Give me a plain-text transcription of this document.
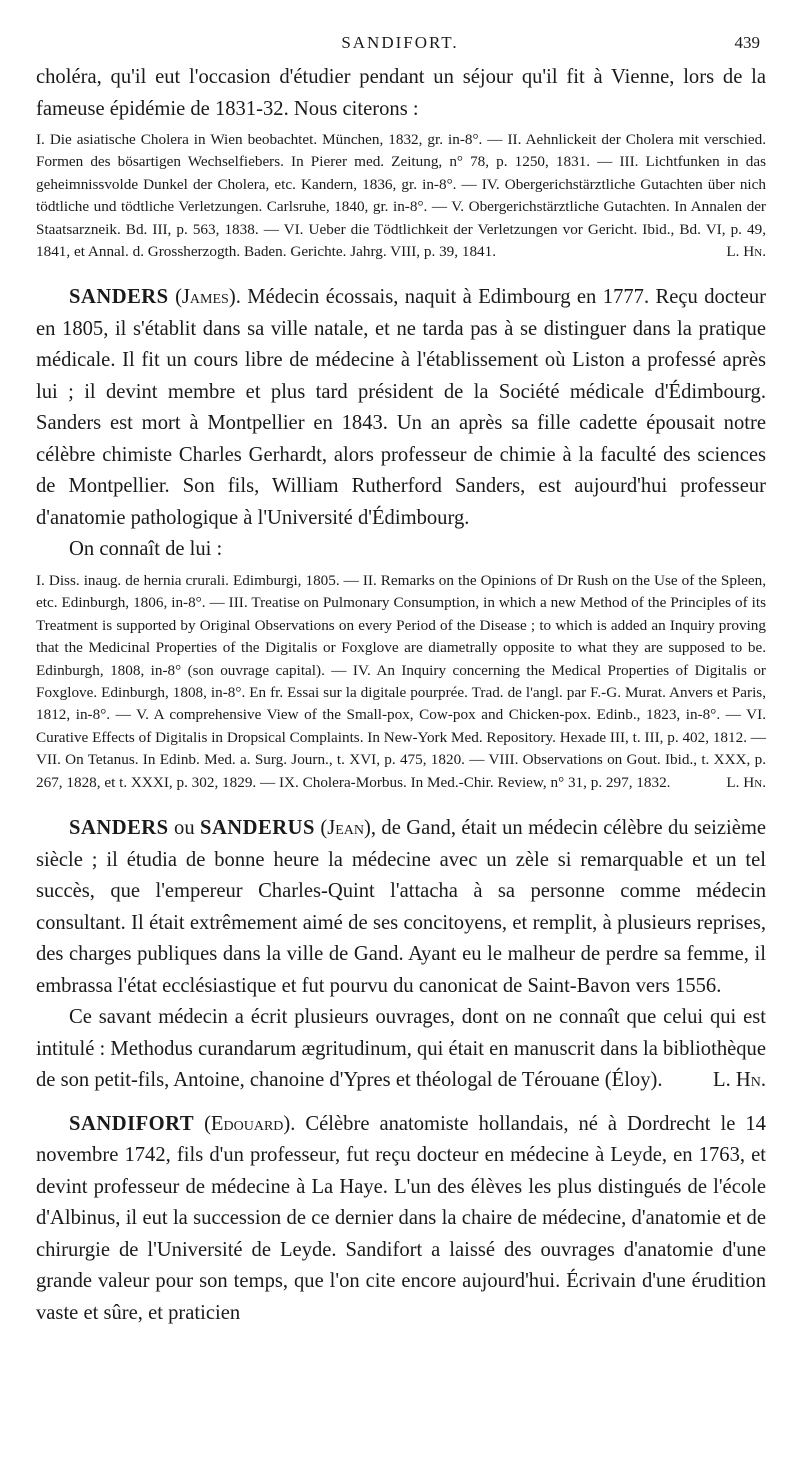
SANDIFORT.	439

choléra, qu'il eut l'occasion d'étudier pendant un séjour qu'il fit à Vienne, lors de la fameuse épidémie de 1831-32. Nous citerons :

I. Die asiatische Cholera in Wien beobachtet. München, 1832, gr. in-8°. — II. Aehnlickeit der Cholera mit verschied. Formen des bösartigen Wechselfiebers. In Pierer med. Zeitung, n° 78, p. 1250, 1831. — III. Lichtfunken in das geheimnissvolde Dunkel der Cholera, etc. Kandern, 1836, gr. in-8°. — IV. Obergerichstärztliche Gutachten über nich tödtliche und tödtliche Verletzungen. Carlsruhe, 1840, gr. in-8°. — V. Obergerichstärztliche Gutachten. In Annalen der Staatsarzneik. Bd. III, p. 563, 1838. — VI. Ueber die Tödtlichkeit der Verletzungen vor Gericht. Ibid., Bd. VI, p. 49, 1841, et Annal. d. Grossherzogth. Baden. Gerichte. Jahrg. VIII, p. 39, 1841.	L. Hn.

SANDERS (James). Médecin écossais, naquit à Edimbourg en 1777. Reçu docteur en 1805, il s'établit dans sa ville natale, et ne tarda pas à se distinguer dans la pratique médicale. Il fit un cours libre de médecine à l'établissement où Liston a professé après lui ; il devint membre et plus tard président de la Société médicale d'Édimbourg. Sanders est mort à Montpellier en 1843. Un an après sa fille cadette épousait notre célèbre chimiste Charles Gerhardt, alors professeur de chimie à la faculté des sciences de Montpellier. Son fils, William Rutherford Sanders, est aujourd'hui professeur d'anatomie pathologique à l'Université d'Édimbourg.

On connaît de lui :

I. Diss. inaug. de hernia crurali. Edimburgi, 1805. — II. Remarks on the Opinions of Dr Rush on the Use of the Spleen, etc. Edinburgh, 1806, in-8°. — III. Treatise on Pulmonary Consumption, in which a new Method of the Principles of its Treatment is supported by Original Observations on every Period of the Disease ; to which is added an Inquiry proving that the Medicinal Properties of the Digitalis or Foxglove are diametrally opposite to what they are supposed to be. Edinburgh, 1808, in-8° (son ouvrage capital). — IV. An Inquiry concerning the Medical Properties of Digitalis or Foxglove. Edinburgh, 1808, in-8°. En fr. Essai sur la digitale pourprée. Trad. de l'angl. par F.-G. Murat. Anvers et Paris, 1812, in-8°. — V. A comprehensive View of the Small-pox, Cow-pox and Chicken-pox. Edinb., 1823, in-8°. — VI. Curative Effects of Digitalis in Dropsical Complaints. In New-York Med. Repository. Hexade III, t. III, p. 402, 1812. — VII. On Tetanus. In Edinb. Med. a. Surg. Journ., t. XVI, p. 475, 1820. — VIII. Observations on Gout. Ibid., t. XXX, p. 267, 1828, et t. XXXI, p. 302, 1829. — IX. Cholera-Morbus. In Med.-Chir. Review, n° 31, p. 297, 1832.	L. Hn.

SANDERS ou SANDERUS (Jean), de Gand, était un médecin célèbre du seizième siècle ; il étudia de bonne heure la médecine avec un zèle si remarquable et un tel succès, que l'empereur Charles-Quint l'attacha à sa personne comme médecin consultant. Il était extrêmement aimé de ses concitoyens, et remplit, à plusieurs reprises, des charges publiques dans la ville de Gand. Ayant eu le malheur de perdre sa femme, il embrassa l'état ecclésiastique et fut pourvu du canonicat de Saint-Bavon vers 1556.

Ce savant médecin a écrit plusieurs ouvrages, dont on ne connaît que celui qui est intitulé : Methodus curandarum ægritudinum, qui était en manuscrit dans la bibliothèque de son petit-fils, Antoine, chanoine d'Ypres et théologal de Térouane (Éloy).	L. Hn.

SANDIFORT (Edouard). Célèbre anatomiste hollandais, né à Dordrecht le 14 novembre 1742, fils d'un professeur, fut reçu docteur en médecine à Leyde, en 1763, et devint professeur de médecine à La Haye. L'un des élèves les plus distingués de l'école d'Albinus, il eut la succession de ce dernier dans la chaire de médecine, d'anatomie et de chirurgie de l'Université de Leyde. Sandifort a laissé des ouvrages d'anatomie d'une grande valeur pour son temps, que l'on cite encore aujourd'hui. Écrivain d'une érudition vaste et sûre, et praticien
